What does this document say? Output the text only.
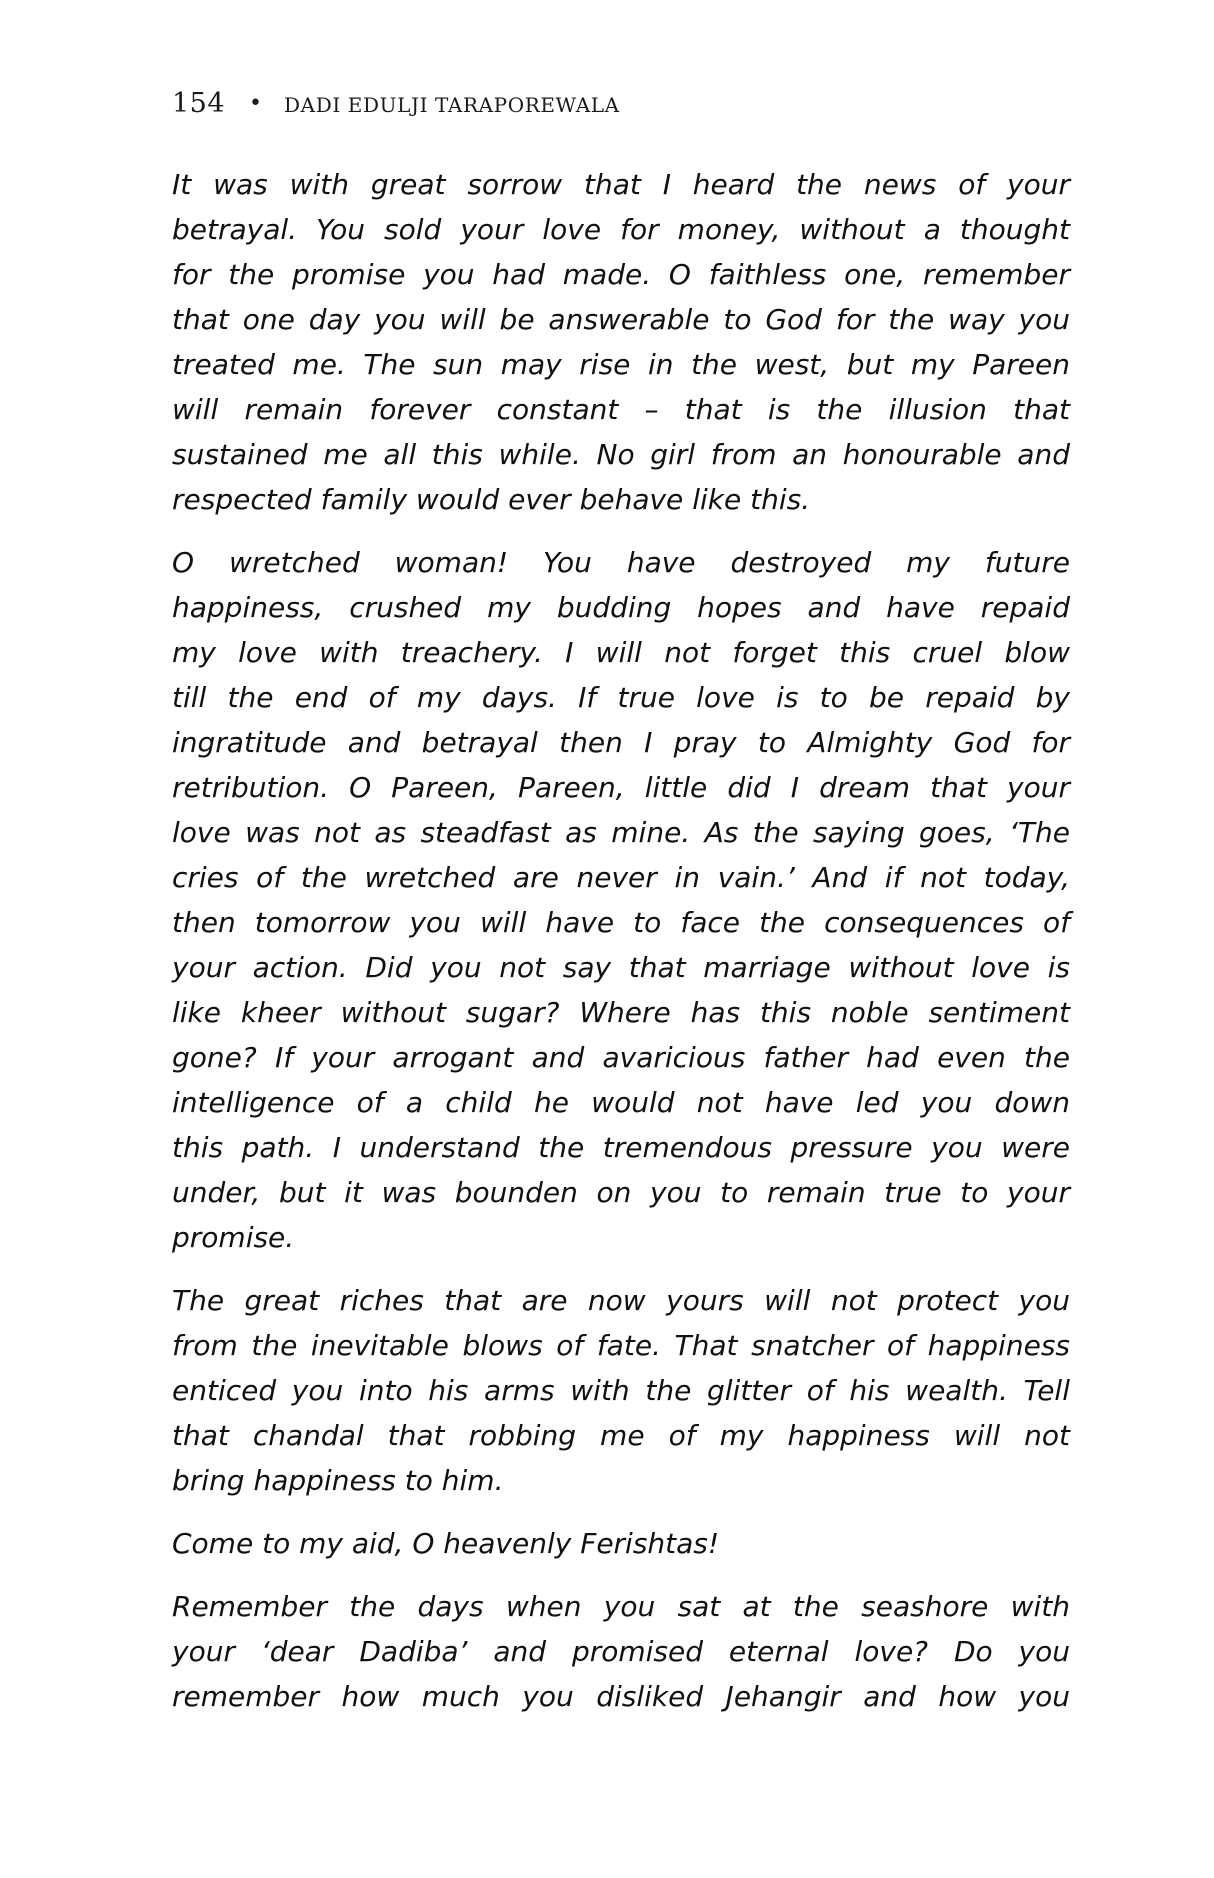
154 • DADI EDULJI TARAPOREWALA
It was with great sorrow that I heard the news of your
betrayal. You sold your love for money, without a thought
for the promise you had made. O faithless one, remember
that one day you will be answerable to God for the way you
treated me. The sun may rise in the west, but my Pareen
will remain forever constant – that is the illusion that
sustained me all this while. No girl from an honourable and
respected family would ever behave like this.
O wretched woman! You have destroyed my future
happiness, crushed my budding hopes and have repaid
my love with treachery. I will not forget this cruel blow
till the end of my days. If true love is to be repaid by
ingratitude and betrayal then I pray to Almighty God for
retribution. O Pareen, Pareen, little did I dream that your
love was not as steadfast as mine. As the saying goes, ‘The
cries of the wretched are never in vain.’ And if not today,
then tomorrow you will have to face the consequences of
your action. Did you not say that marriage without love is
like kheer without sugar? Where has this noble sentiment
gone? If your arrogant and avaricious father had even the
intelligence of a child he would not have led you down
this path. I understand the tremendous pressure you were
under, but it was bounden on you to remain true to your
promise.
The great riches that are now yours will not protect you
from the inevitable blows of fate. That snatcher of happiness
enticed you into his arms with the glitter of his wealth. Tell
that chandal that robbing me of my happiness will not
bring happiness to him.
Come to my aid, O heavenly Ferishtas!
Remember the days when you sat at the seashore with
your ‘dear Dadiba’ and promised eternal love? Do you
remember how much you disliked Jehangir and how you
